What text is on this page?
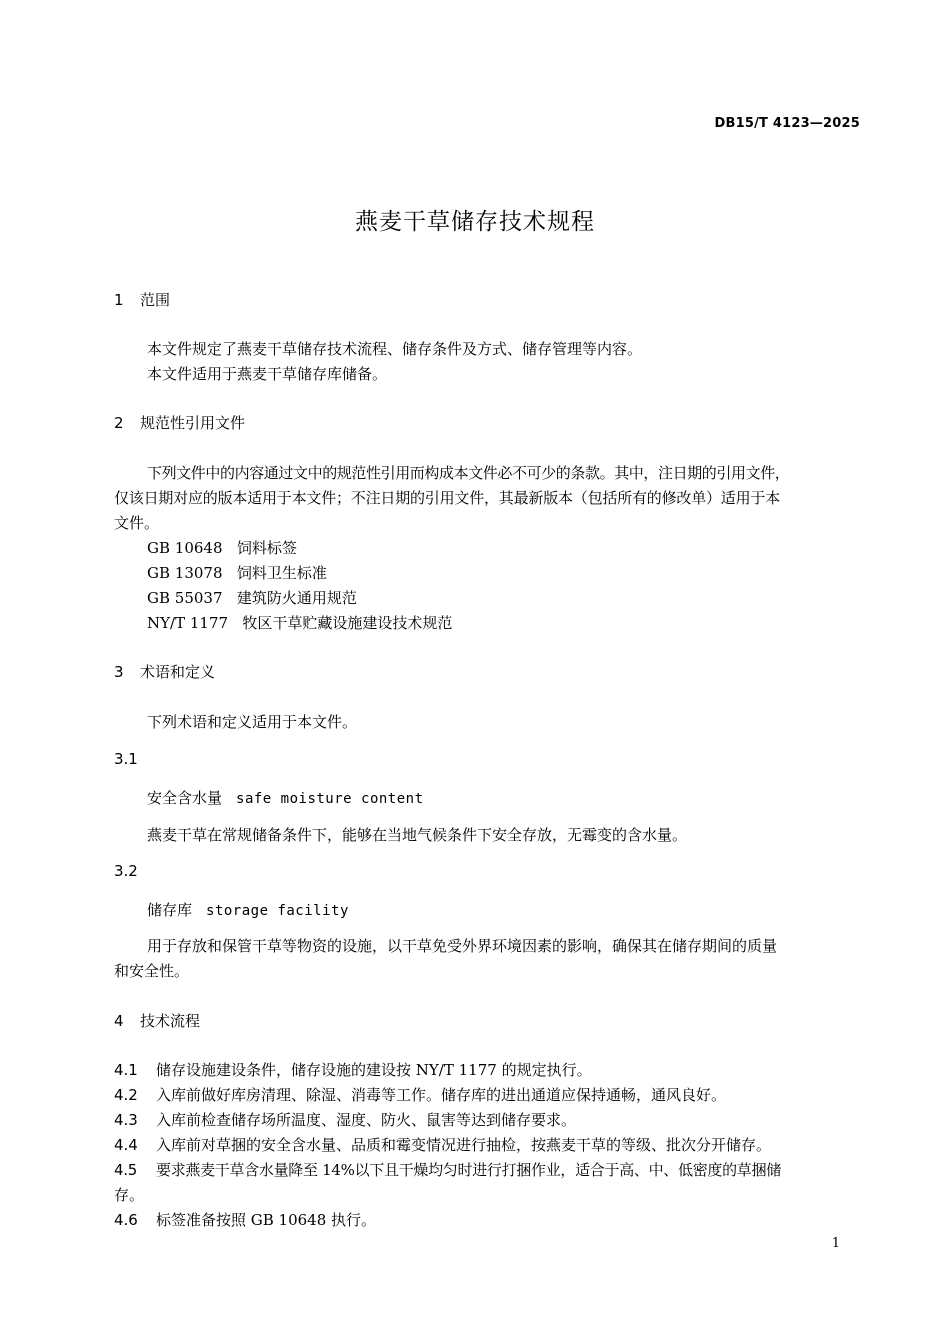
DB15/T 4123—2025
燕麦干草储存技术规程
1 范围
本文件规定了燕麦干草储存技术流程、储存条件及方式、储存管理等内容。
本文件适用于燕麦干草储存库储备。
2 规范性引用文件
下列文件中的内容通过文中的规范性引用而构成本文件必不可少的条款。其中，注日期的引用文件，
仅该日期对应的版本适用于本文件；不注日期的引用文件，其最新版本（包括所有的修改单）适用于本
文件。
GB 10648 饲料标签
GB 13078 饲料卫生标准
GB 55037 建筑防火通用规范
NY/T 1177 牧区干草贮藏设施建设技术规范
3 术语和定义
下列术语和定义适用于本文件。
3.1
安全含水量 safe moisture content
燕麦干草在常规储备条件下，能够在当地气候条件下安全存放，无霉变的含水量。
3.2
储存库 storage facility
用于存放和保管干草等物资的设施，以干草免受外界环境因素的影响，确保其在储存期间的质量
和安全性。
4 技术流程
4.1 储存设施建设条件，储存设施的建设按 NY/T 1177 的规定执行。
4.2 入库前做好库房清理、除湿、消毒等工作。储存库的进出通道应保持通畅，通风良好。
4.3 入库前检查储存场所温度、湿度、防火、鼠害等达到储存要求。
4.4 入库前对草捆的安全含水量、品质和霉变情况进行抽检，按燕麦干草的等级、批次分开储存。
4.5 要求燕麦干草含水量降至 14%以下且干燥均匀时进行打捆作业，适合于高、中、低密度的草捆储
存。
4.6 标签准备按照 GB 10648 执行。
1
